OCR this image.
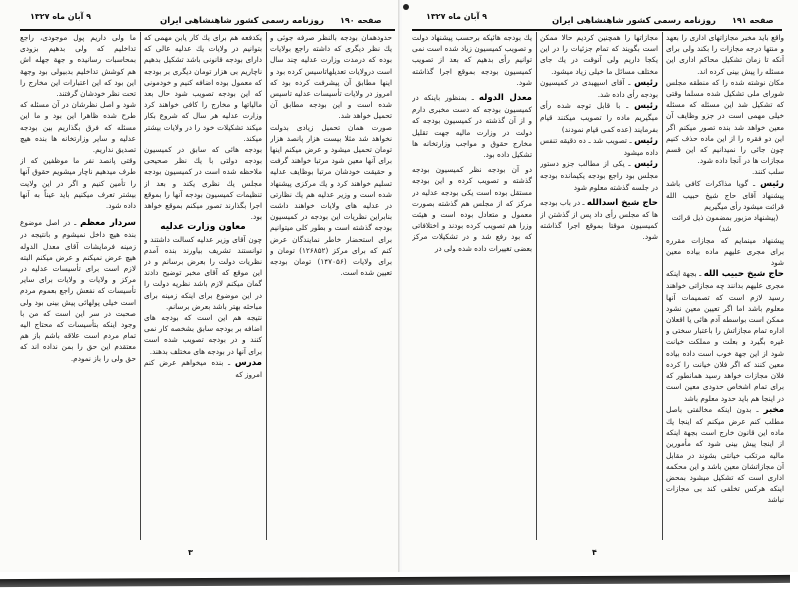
۹ آبان ماه ۱۳۲۷	روزنامه رسمی کشور شاهنشاهی ایران صفحه ۱۹۰

ما ولی داریم پول موجودی، راجع تداخلیم که ولی بدهیم بزودی بمحاسبات رسانیده و جهة جهله اش هم کوشش تداخلیم بدبیولی بود وجهة این بود که این اعتبارات این مخارج را تحت نظر خودشان گرفتند.

شود و اصل نظرشان در آن مسئله که طرح شده ظاهرا این بود و ما این مسئله که فرق بگذاریم بین بودجه عدلیه و سایر وزارتخانه ها بنده هیچ تصدیق نداریم.

وقتی پانصد نفر ما موظفین که از طرف میدهیم ناچار میشویم حقوق آنها را تأمین کنیم و اگر در این ولایت بیشتر تعرف میکنیم باید عیناً به آنها داده شود.

سردار معظم ـ در اصل موضوع بنده هیچ داخل نمیشوم و بانتیجه در زمینه فرمایشات آقای معدل الدوله هیچ عرض نمیکنم و عرض میکنم البته لازم است برای تأسیسات عدلیه در مرکز و ولایات و ولایات برای سایر تأسیسات که نفعش راجع بعموم مردم است خیلی پولهائی پیش بینی بود ولی صحبت در سر این است که من با وجود اینکه بتأسیسات که محتاج الیه تمام مردم است علاقه باشم باز هم معتقدم این حق را بمن نداده اند که حق ولی را باز نمودم.

یکدفعه هم برای یك کار یابن مهمی که بتوانیم در ولایات یك عدلیه عالی که دارای بودجه قانونی باشد تشکیل بدهیم ناچاریم بی هزار تومان دیگری بر بودجه که معمول بوده اضافه کنیم و خودمونی که این بودجه تصویب شود حال بعد مالیاتها و مخارج را کافی خواهند کرد وزارت عدلیه هر سال که شروع بکار میکند تشکیلات خود را در ولایات بیشتر میکند.

بودجه هائی که سابق در کمیسیون بودجه دولتی با یك نظر صحیحی ملاحظه شده است در کمیسیون بودجه مجلس یك نظری یکند و بعد از تنظیمات کمیسیون بودجه آنها را بموقع اجرا بگذارند تصور میکنم بموقع خواهد بود.

معاون وزارت عدلیه

چون آقای وزیر عدلیه کسالت داشتند و توانستند تشریف بیاورند بنده آمدم نظریات دولت را بعرض برسانم و در این موقع که آقای مخبر توضیح دادند گمان میکنم لازم باشد نظریه دولت را در این موضوع برای اینکه زمینه برای مباحثه بهتر باشد بعرض برسانم.

نتیجه هم این است که بودجه های اضافه بر بودجه سابق بشخصه کار نمی کنند و در بودجه تصویب شده است برای آنها در بودجه های مختلف بدهند.

مدرس ـ بنده میخواهم عرض کنم امروز که

حدودهمان بودجه بالنظر صرفه جوئی و یك نظر دیگری که داشته راجع بولایات بوده که درمدت وزارت عدلیه چند سال است درولایات تعدیلهاتاسیس کرده بود و اینها مطابق آن پیشرفت کرده بود که امروز در ولایات تأسیسات عدلیه تاسیس شده است و این بودجه مطابق آن تحمیل خواهد شد.

صورت همان تحمیل زیادی بدولت نخواهد شد مثلا بیست هزار پانصد هزار تومان تحمیل میشود و عرض میکنم اینها برای آنها معین شود مرتبا خواهند گرفت و حقیقت خودشان مرتبا بوظایف عدلیه تسلیم خواهند کرد و یك مرکزی پیشنهاد شده است و وزیر عدلیه هم یك نظارتی در عدلیه های ولایات خواهند داشت بنابراین نظریات این بودجه در کمیسیون بودجه گذشته است و بطور کلی میتوانیم برای استحضار خاطر نمایندگان عرض کنم که برای مرکز (۱۲۶۸۵۲) تومان و برای ولایات (۱۴۷۰۵۶) تومان بودجه تعیین شده است.

۳
۹ آبان ماه ۱۳۲۷	روزنامه رسمی کشور شاهنشاهی ایران صفحه ۱۹۱

یك بودجه هائیکه برحسب پیشنهاد دولت و تصویب کمیسیون زیاد شده است نمی توانیم رأی بدهیم که بعد از تصویب کمیسیون بودجه بموقع اجرا گذاشته شود.

معدل الدوله ـ بمنظور باینکه در کمیسیون بودجه که دست مخبری دارم و از آن گذشته در کمیسیون بودجه که دولت در وزارت مالیه جهت تقلیل مخارج حقوق و مواجب وزارتخانه ها تشکیل داده بود.

دو آن بودجه نظر کمیسیون بودجه گذشته و تصویب کرده و این بودجه مستقل بوده است یکی بودجه عدلیه در مرکز که از مجلس هم گذشته بصورت معمول و متعادل بوده است و هیئت وزرا هم تصویب کرده بودند و اختلافاتی که بود رفع شد و در تشکیلات مرکز بعضی تغییرات داده شده ولی در

مجازاتها را همچنین کردیم حالا ممکن است بگویند که تمام جزئیات را در این یکجا داریم ولی آنوقت در یك جای مختلف مسائل ما خیلی زیاد میشود.

رئیس ـ آقای اسپهبدی در کمیسیون بودجه رأی داده شد.

رئیس ـ با قابل توجه شده رأی میگیریم ماده را تصویب میکنند قیام بفرمایند (عده کمی قیام نمودند)

رئیس ـ تصویب شد ـ ده دقیقه تنفس داده میشود

رئیس ـ یکی از مطالب جزو دستور مجلس بود راجع بودجه یکیمانده بودجه در جلسه گذشته معلوم شود

حاج شیخ اسدالله ـ در باب بودجه ها که مجلس رأی داد پس از گذشتن از کمیسیون موقتا بموقع اجرا گذاشته شود.

واقع باید مخبر مجازاتهای اداری را بعهد و منتها درجه مجازات را بکند ولی برای آنکه تا زمان تشکیل محاکم اداری این مسئله را پیش بینی کرده اند.

مکان نوشته شده را که منطقه مجلس شورای ملی تشکیل شده مسلما وقتی که تشکیل شد این مسئله که مسئله خیلی مهمی است در جزو وظایف آن معین خواهد شد بنده تصور میکنم اگر این دو فقره را از این ماده حذف کنیم چون جائی را نمیدانیم که این قسم مجازات ها در آنجا داده شود.

سلب کنند.

رئیس ـ گویا مذاکرات کافی باشد پیشنهاد آقای حاج شیخ حبیب الله قرائت میشود رأی میگیریم

(پیشنهاد مزبور بمضمون ذیل قرائت شد)

پیشنهاد مینمایم که مجازات مقرره برای مجری علیهم ماده بیاده معین شود

حاج شیخ حبیب الله ـ بجهة اینکه مجری علیهم بدانند چه مجازاتی خواهند رسید لازم است که تصمیمات آنها معلوم باشد اما اگر تعیین معین نشود ممکن است بواسطه آدم هائی یا اقعلان اداره تمام مجازاتش را باعتبار سختی و غیره بگیرد و بعلت و مملکت خیانت شود از این جهة خوب است داده بیاده معین کنند که اگر فلان خیانت را کرده فلان مجازات خواهد رسید همانطور که برای تمام اشخاص حدودی معین است در اینجا هم باید حدود معلوم باشد

مخبر ـ بدون اینکه مخالفتی باصل مطلب کنم عرض میکنم که اینجا یك ماده این قانون خارج است بجهة اینکه از اینجا پیش بینی شود که مأمورین مالیه مرتکب خیانتی بشوند در مقابل آن مجازاتشان معین باشد و این محکمه اداری است که تشکیل میشود بمحض اینکه هرکس تخلفی کند بی مجازات نباشد

۴
